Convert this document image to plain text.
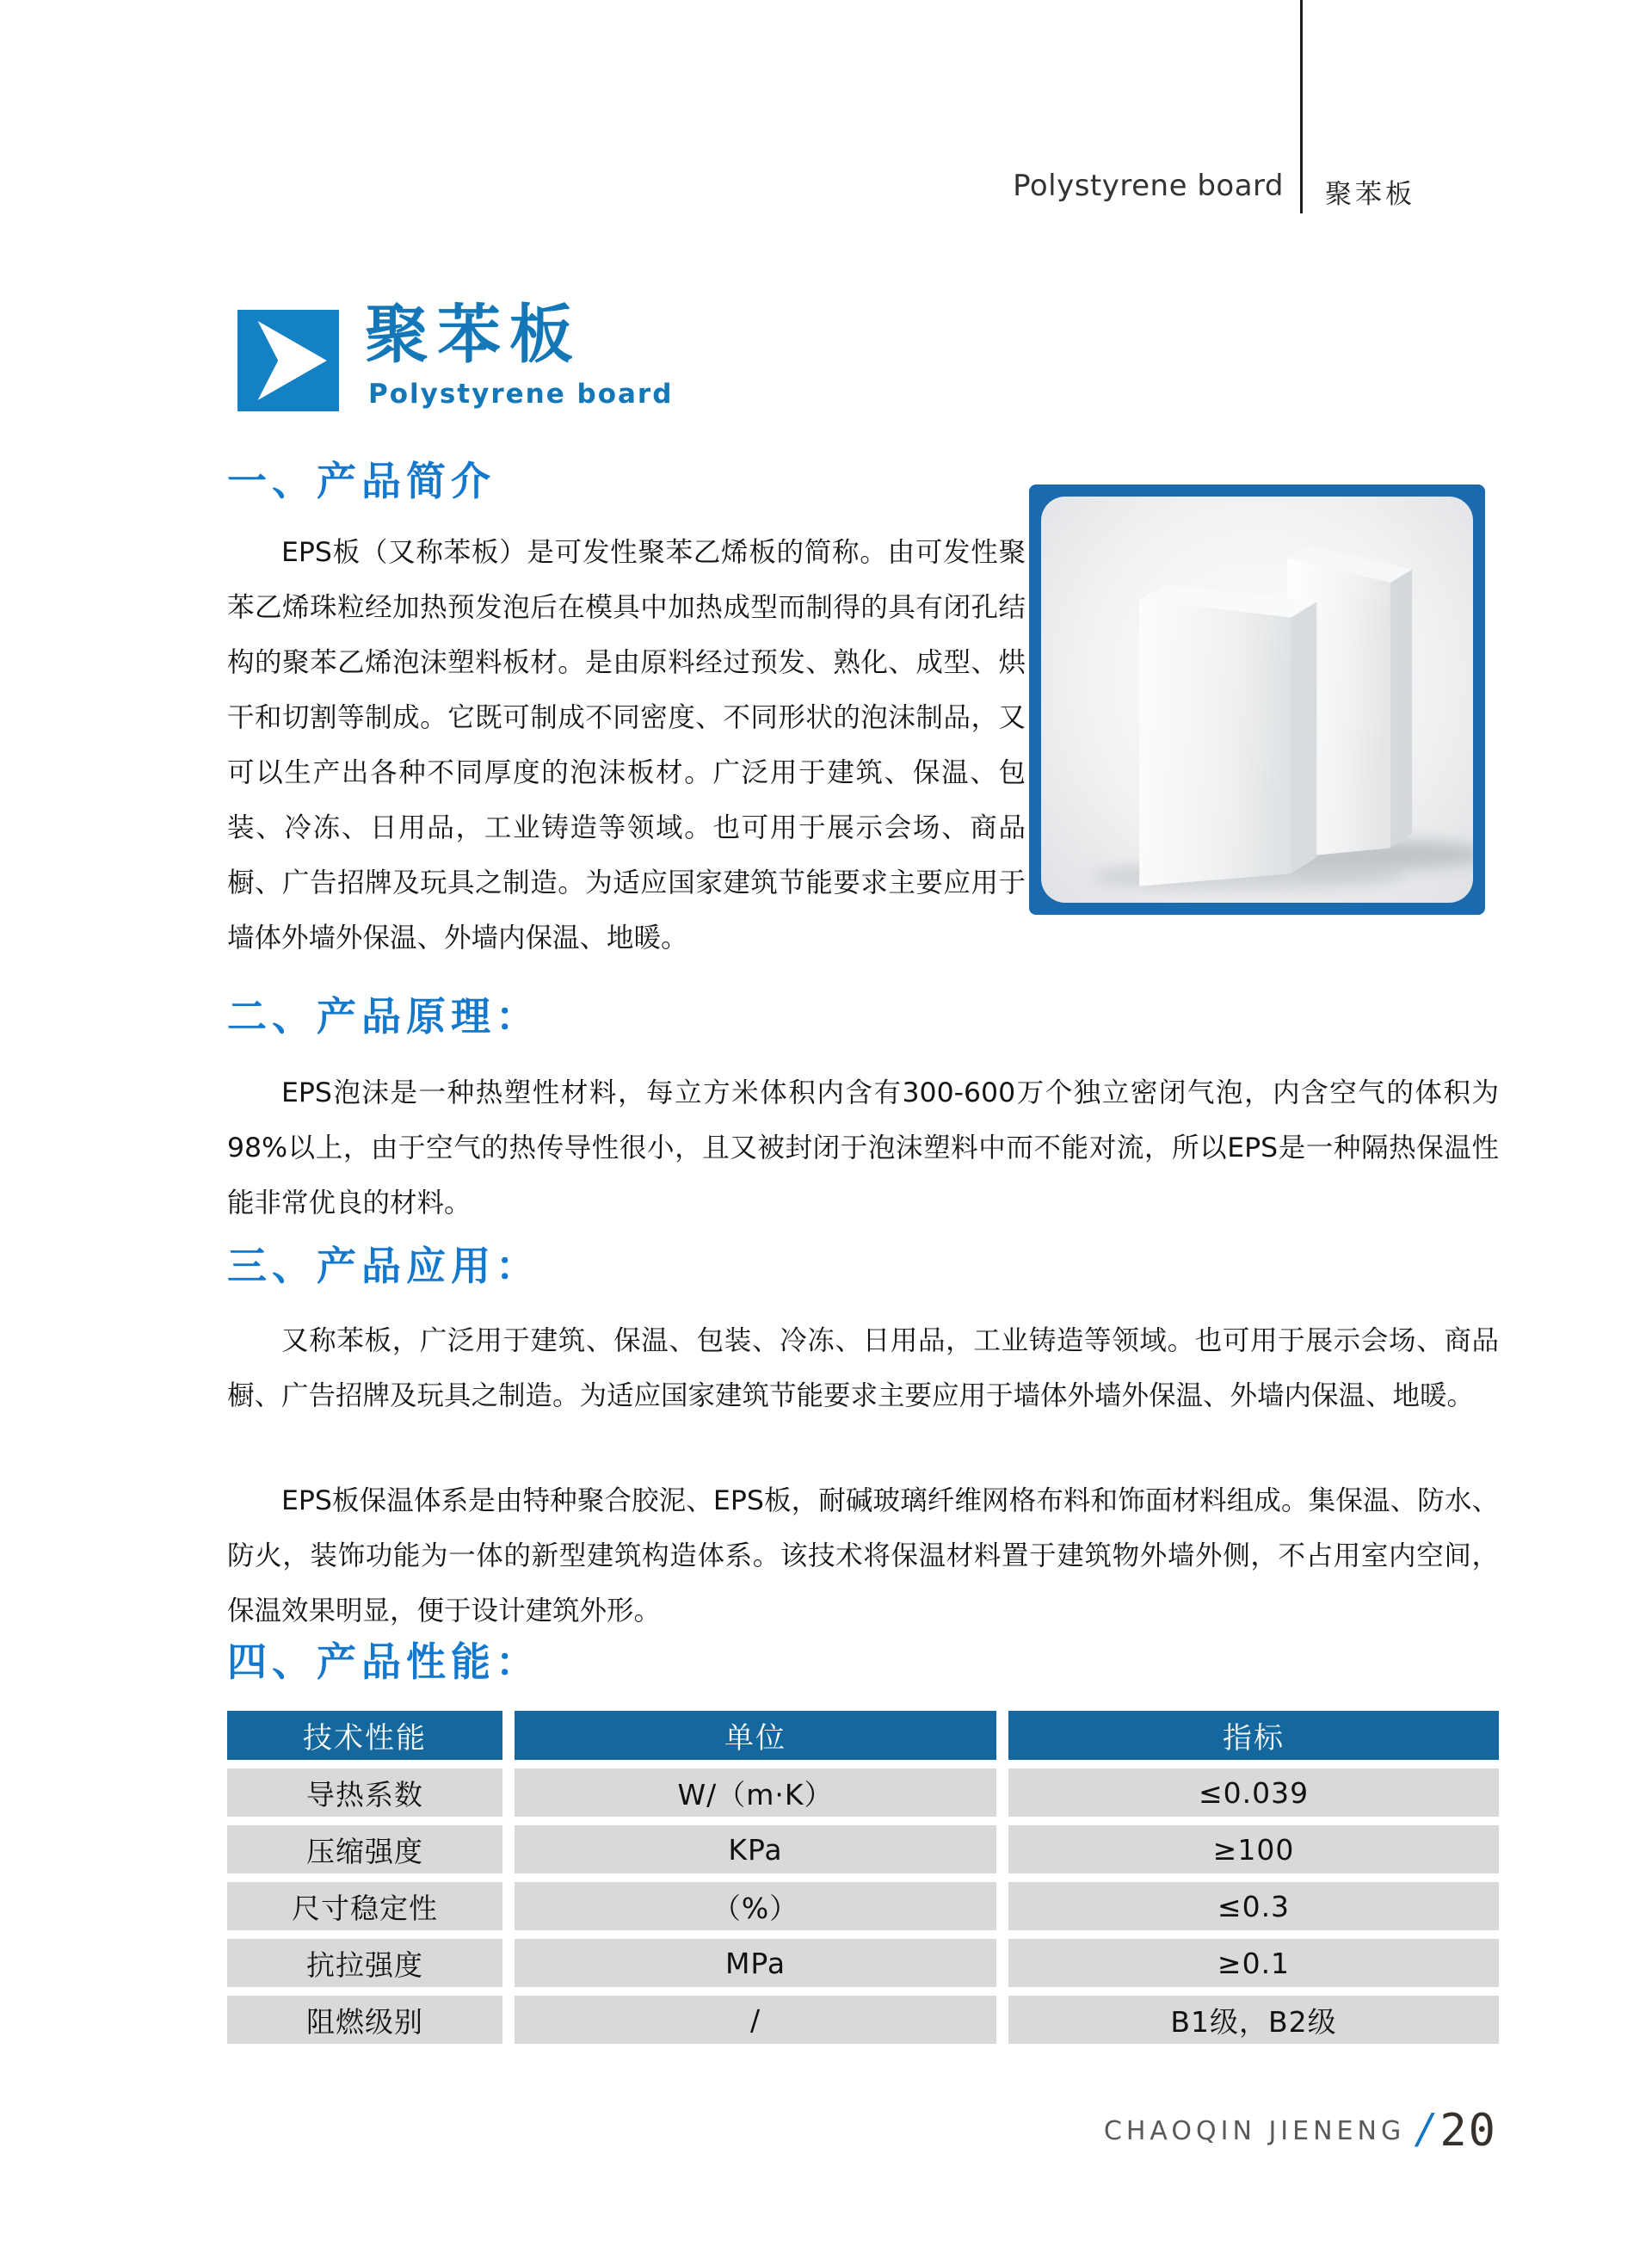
Polystyrene board 聚苯板
聚苯板
Polystyrene board
一、产品简介
EPS板（又称苯板）是可发性聚苯乙烯板的简称。由可发性聚苯乙烯珠粒经加热预发泡后在模具中加热成型而制得的具有闭孔结构的聚苯乙烯泡沫塑料板材。是由原料经过预发、熟化、成型、烘干和切割等制成。它既可制成不同密度、不同形状的泡沫制品，又可以生产出各种不同厚度的泡沫板材。广泛用于建筑、保温、包装、冷冻、日用品，工业铸造等领域。也可用于展示会场、商品橱、广告招牌及玩具之制造。为适应国家建筑节能要求主要应用于墙体外墙外保温、外墙内保温、地暖。
二、产品原理：
EPS泡沫是一种热塑性材料，每立方米体积内含有300-600万个独立密闭气泡，内含空气的体积为98%以上，由于空气的热传导性很小，且又被封闭于泡沫塑料中而不能对流，所以EPS是一种隔热保温性能非常优良的材料。
三、产品应用：
又称苯板，广泛用于建筑、保温、包装、冷冻、日用品，工业铸造等领域。也可用于展示会场、商品橱、广告招牌及玩具之制造。为适应国家建筑节能要求主要应用于墙体外墙外保温、外墙内保温、地暖。
EPS板保温体系是由特种聚合胶泥、EPS板，耐碱玻璃纤维网格布料和饰面材料组成。集保温、防水、防火，装饰功能为一体的新型建筑构造体系。该技术将保温材料置于建筑物外墙外侧，不占用室内空间，保温效果明显，便于设计建筑外形。
四、产品性能：
技术性能	单位	指标
导热系数	W/（m·K）	≤0.039
压缩强度	KPa	≥100
尺寸稳定性	（%）	≤0.3
抗拉强度	MPa	≥0.1
阻燃级别	/	B1级，B2级
CHAOQIN JIENENG / 20
